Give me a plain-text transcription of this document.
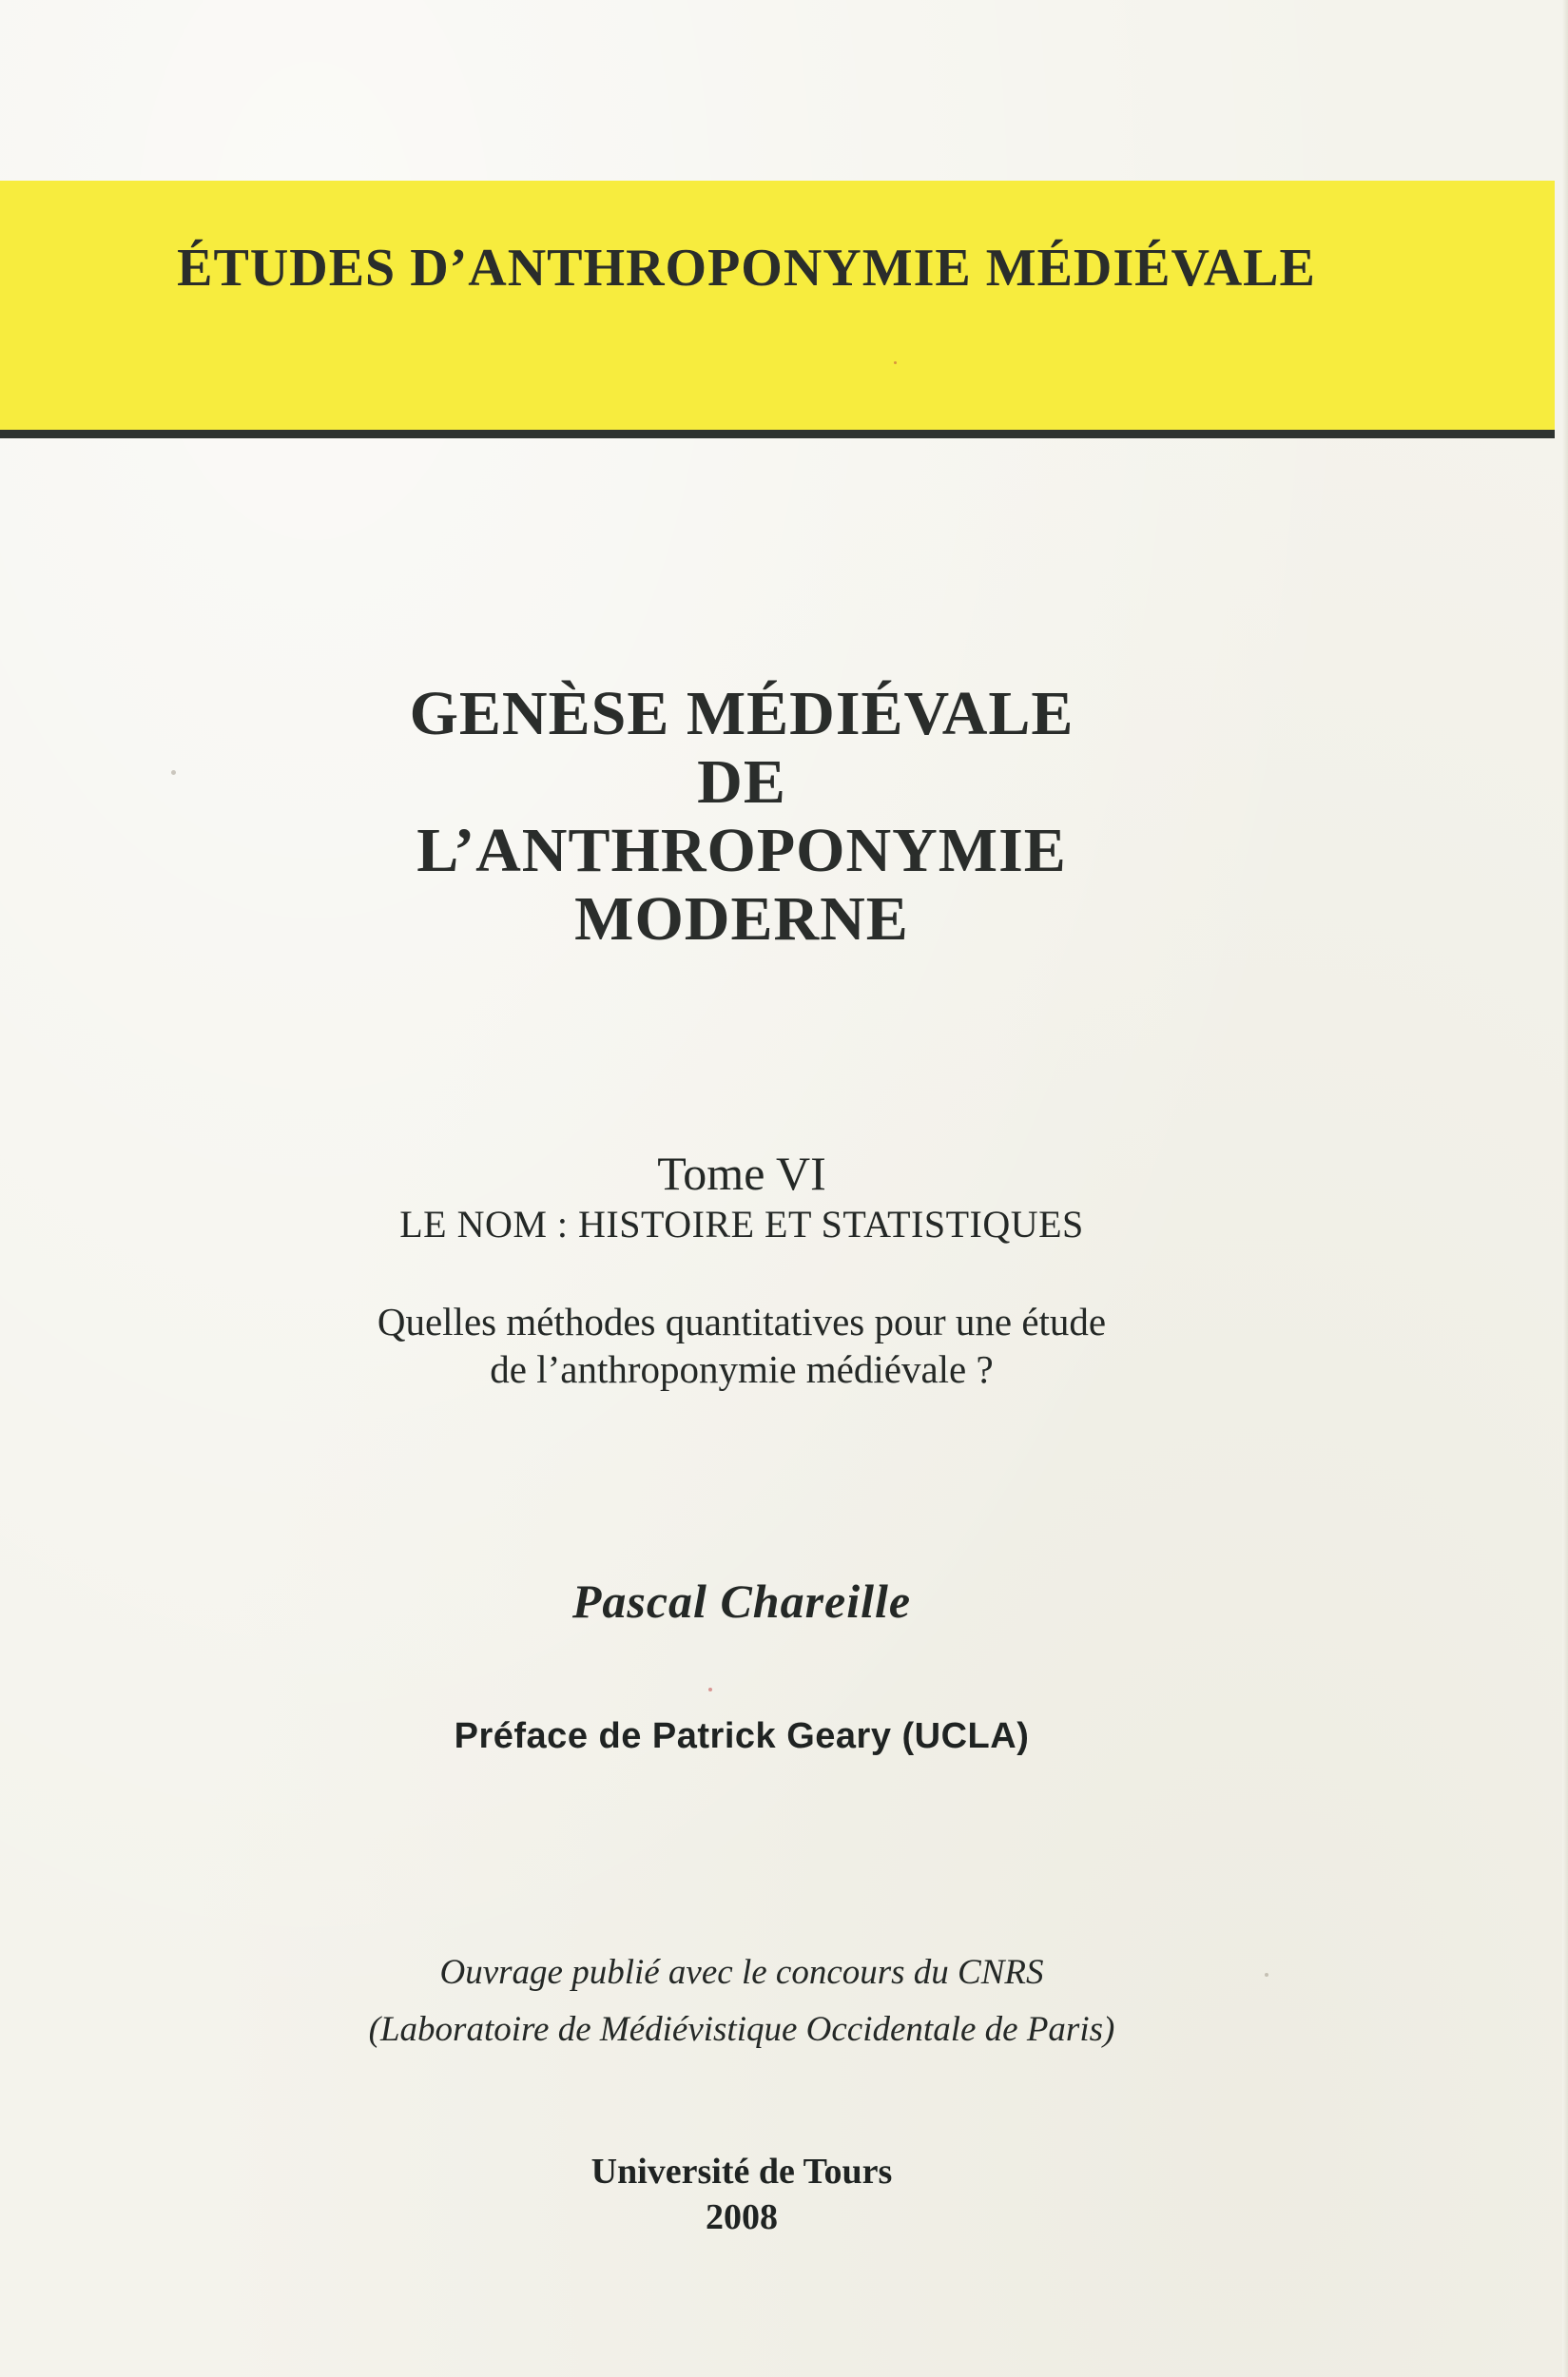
ÉTUDES D’ANTHROPONYMIE MÉDIÉVALE
GENÈSE MÉDIÉVALE
DE
L’ANTHROPONYMIE
MODERNE
Tome VI
LE NOM : HISTOIRE ET STATISTIQUES
Quelles méthodes quantitatives pour une étude
de l’anthroponymie médiévale ?
Pascal Chareille
Préface de Patrick Geary (UCLA)
Ouvrage publié avec le concours du CNRS
(Laboratoire de Médiévistique Occidentale de Paris)
Université de Tours
2008
